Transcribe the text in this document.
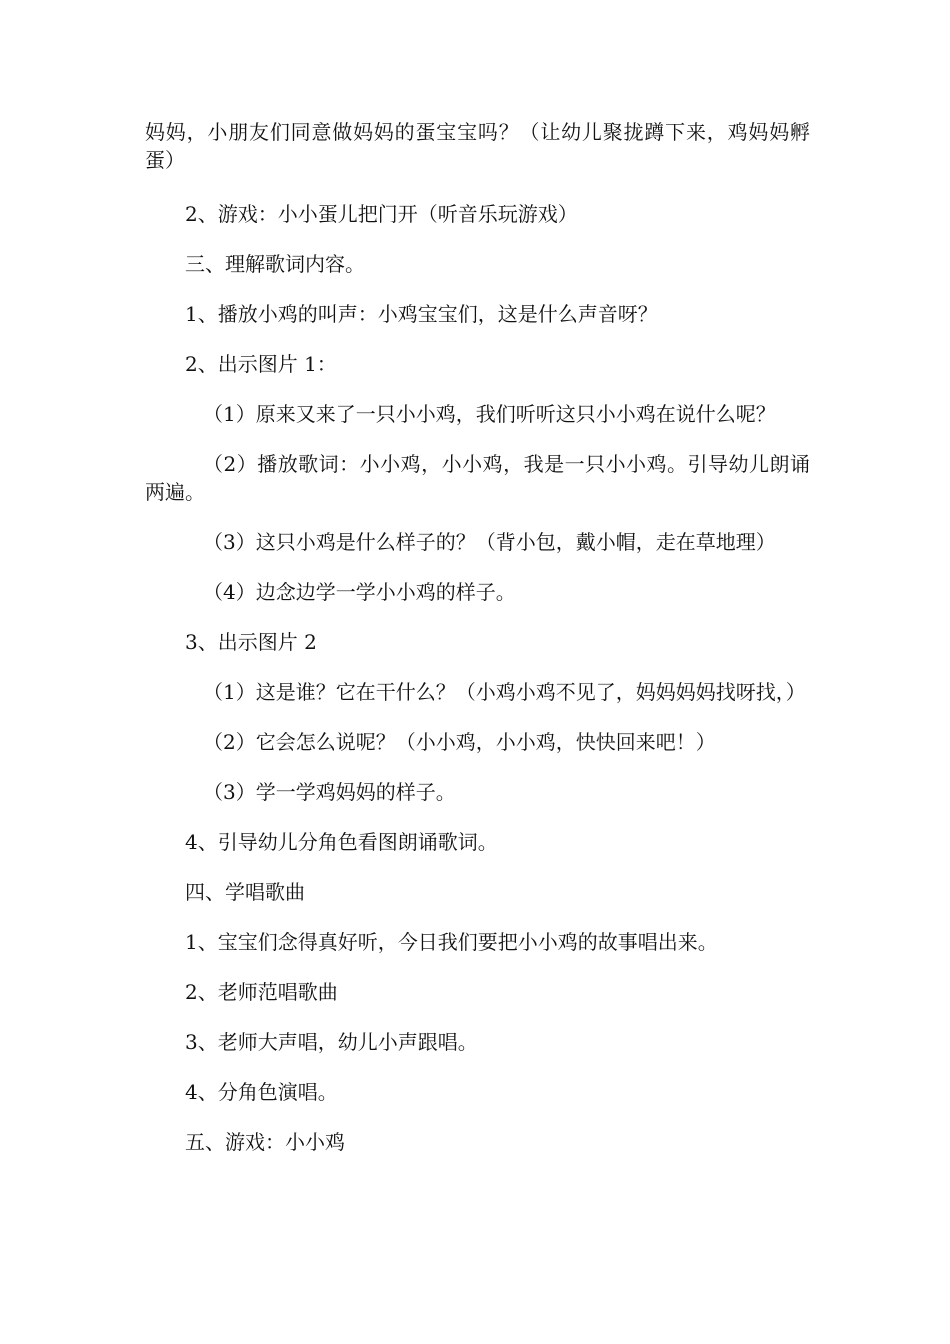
妈妈，小朋友们同意做妈妈的蛋宝宝吗？（让幼儿聚拢蹲下来，鸡妈妈孵蛋）

2、游戏：小小蛋儿把门开（听音乐玩游戏）

三、理解歌词内容。

1、播放小鸡的叫声：小鸡宝宝们，这是什么声音呀？

2、出示图片 1：

（1）原来又来了一只小小鸡，我们听听这只小小鸡在说什么呢？

（2）播放歌词：小小鸡，小小鸡，我是一只小小鸡。引导幼儿朗诵两遍。

（3）这只小鸡是什么样子的？（背小包，戴小帽，走在草地理）

（4）边念边学一学小小鸡的样子。

3、出示图片 2

（1）这是谁？它在干什么？（小鸡小鸡不见了，妈妈妈妈找呀找，）

（2）它会怎么说呢？（小小鸡，小小鸡，快快回来吧！）

（3）学一学鸡妈妈的样子。

4、引导幼儿分角色看图朗诵歌词。

四、学唱歌曲

1、宝宝们念得真好听，今日我们要把小小鸡的故事唱出来。

2、老师范唱歌曲

3、老师大声唱，幼儿小声跟唱。

4、分角色演唱。

五、游戏：小小鸡
